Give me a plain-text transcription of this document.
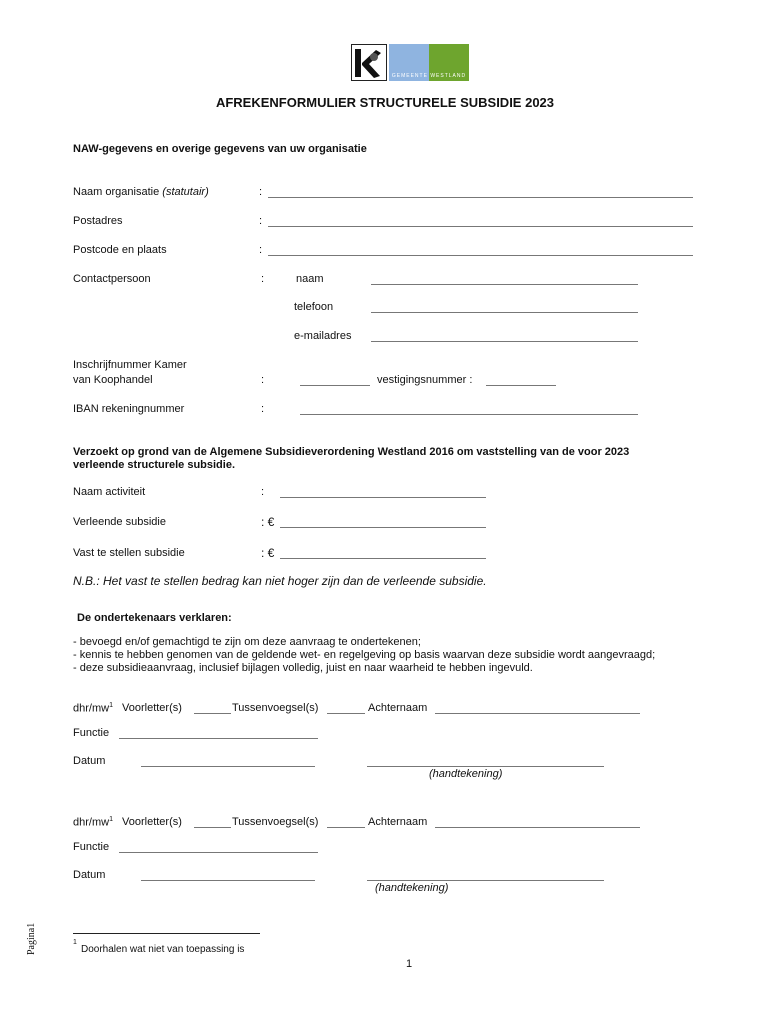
GEMEENTE WESTLAND
AFREKENFORMULIER STRUCTURELE SUBSIDIE 2023
NAW-gegevens en overige gegevens van uw organisatie
Naam organisatie (statutair)	:
Postadres	:
Postcode en plaats	:
Contactpersoon	:	naam
telefoon
e-mailadres
Inschrijfnummer Kamer
van Koophandel	:	vestigingsnummer :
IBAN rekeningnummer	:
Verzoekt op grond van de Algemene Subsidieverordening Westland 2016 om vaststelling van de voor 2023
verleende structurele subsidie.
Naam activiteit	:
Verleende subsidie	: €
Vast te stellen subsidie	: €
N.B.: Het vast te stellen bedrag kan niet hoger zijn dan de verleende subsidie.
De ondertekenaars verklaren:
- bevoegd en/of gemachtigd te zijn om deze aanvraag te ondertekenen;
- kennis te hebben genomen van de geldende wet- en regelgeving op basis waarvan deze subsidie wordt aangevraagd;
- deze subsidieaanvraag, inclusief bijlagen volledig, juist en naar waarheid te hebben ingevuld.
dhr/$mw^1$ Voorletter(s)	Tussenvoegsel(s)	Achternaam
Functie
Datum
(handtekening)
dhr/$mw^1$ Voorletter(s)	Tussenvoegsel(s)	Achternaam
Functie
Datum
(handtekening)
1
Doorhalen wat niet van toepassing is
1
Pagina1
